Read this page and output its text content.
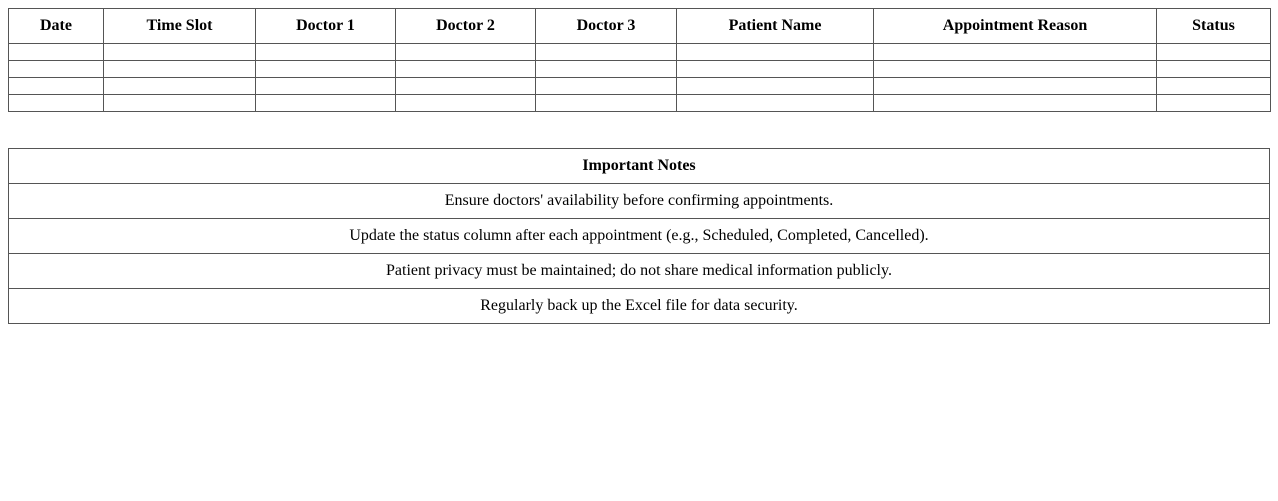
Date	Time Slot	Doctor 1	Doctor 2	Doctor 3	Patient Name	Appointment Reason	Status

Important Notes
Ensure doctors' availability before confirming appointments.
Update the status column after each appointment (e.g., Scheduled, Completed, Cancelled).
Patient privacy must be maintained; do not share medical information publicly.
Regularly back up the Excel file for data security.
